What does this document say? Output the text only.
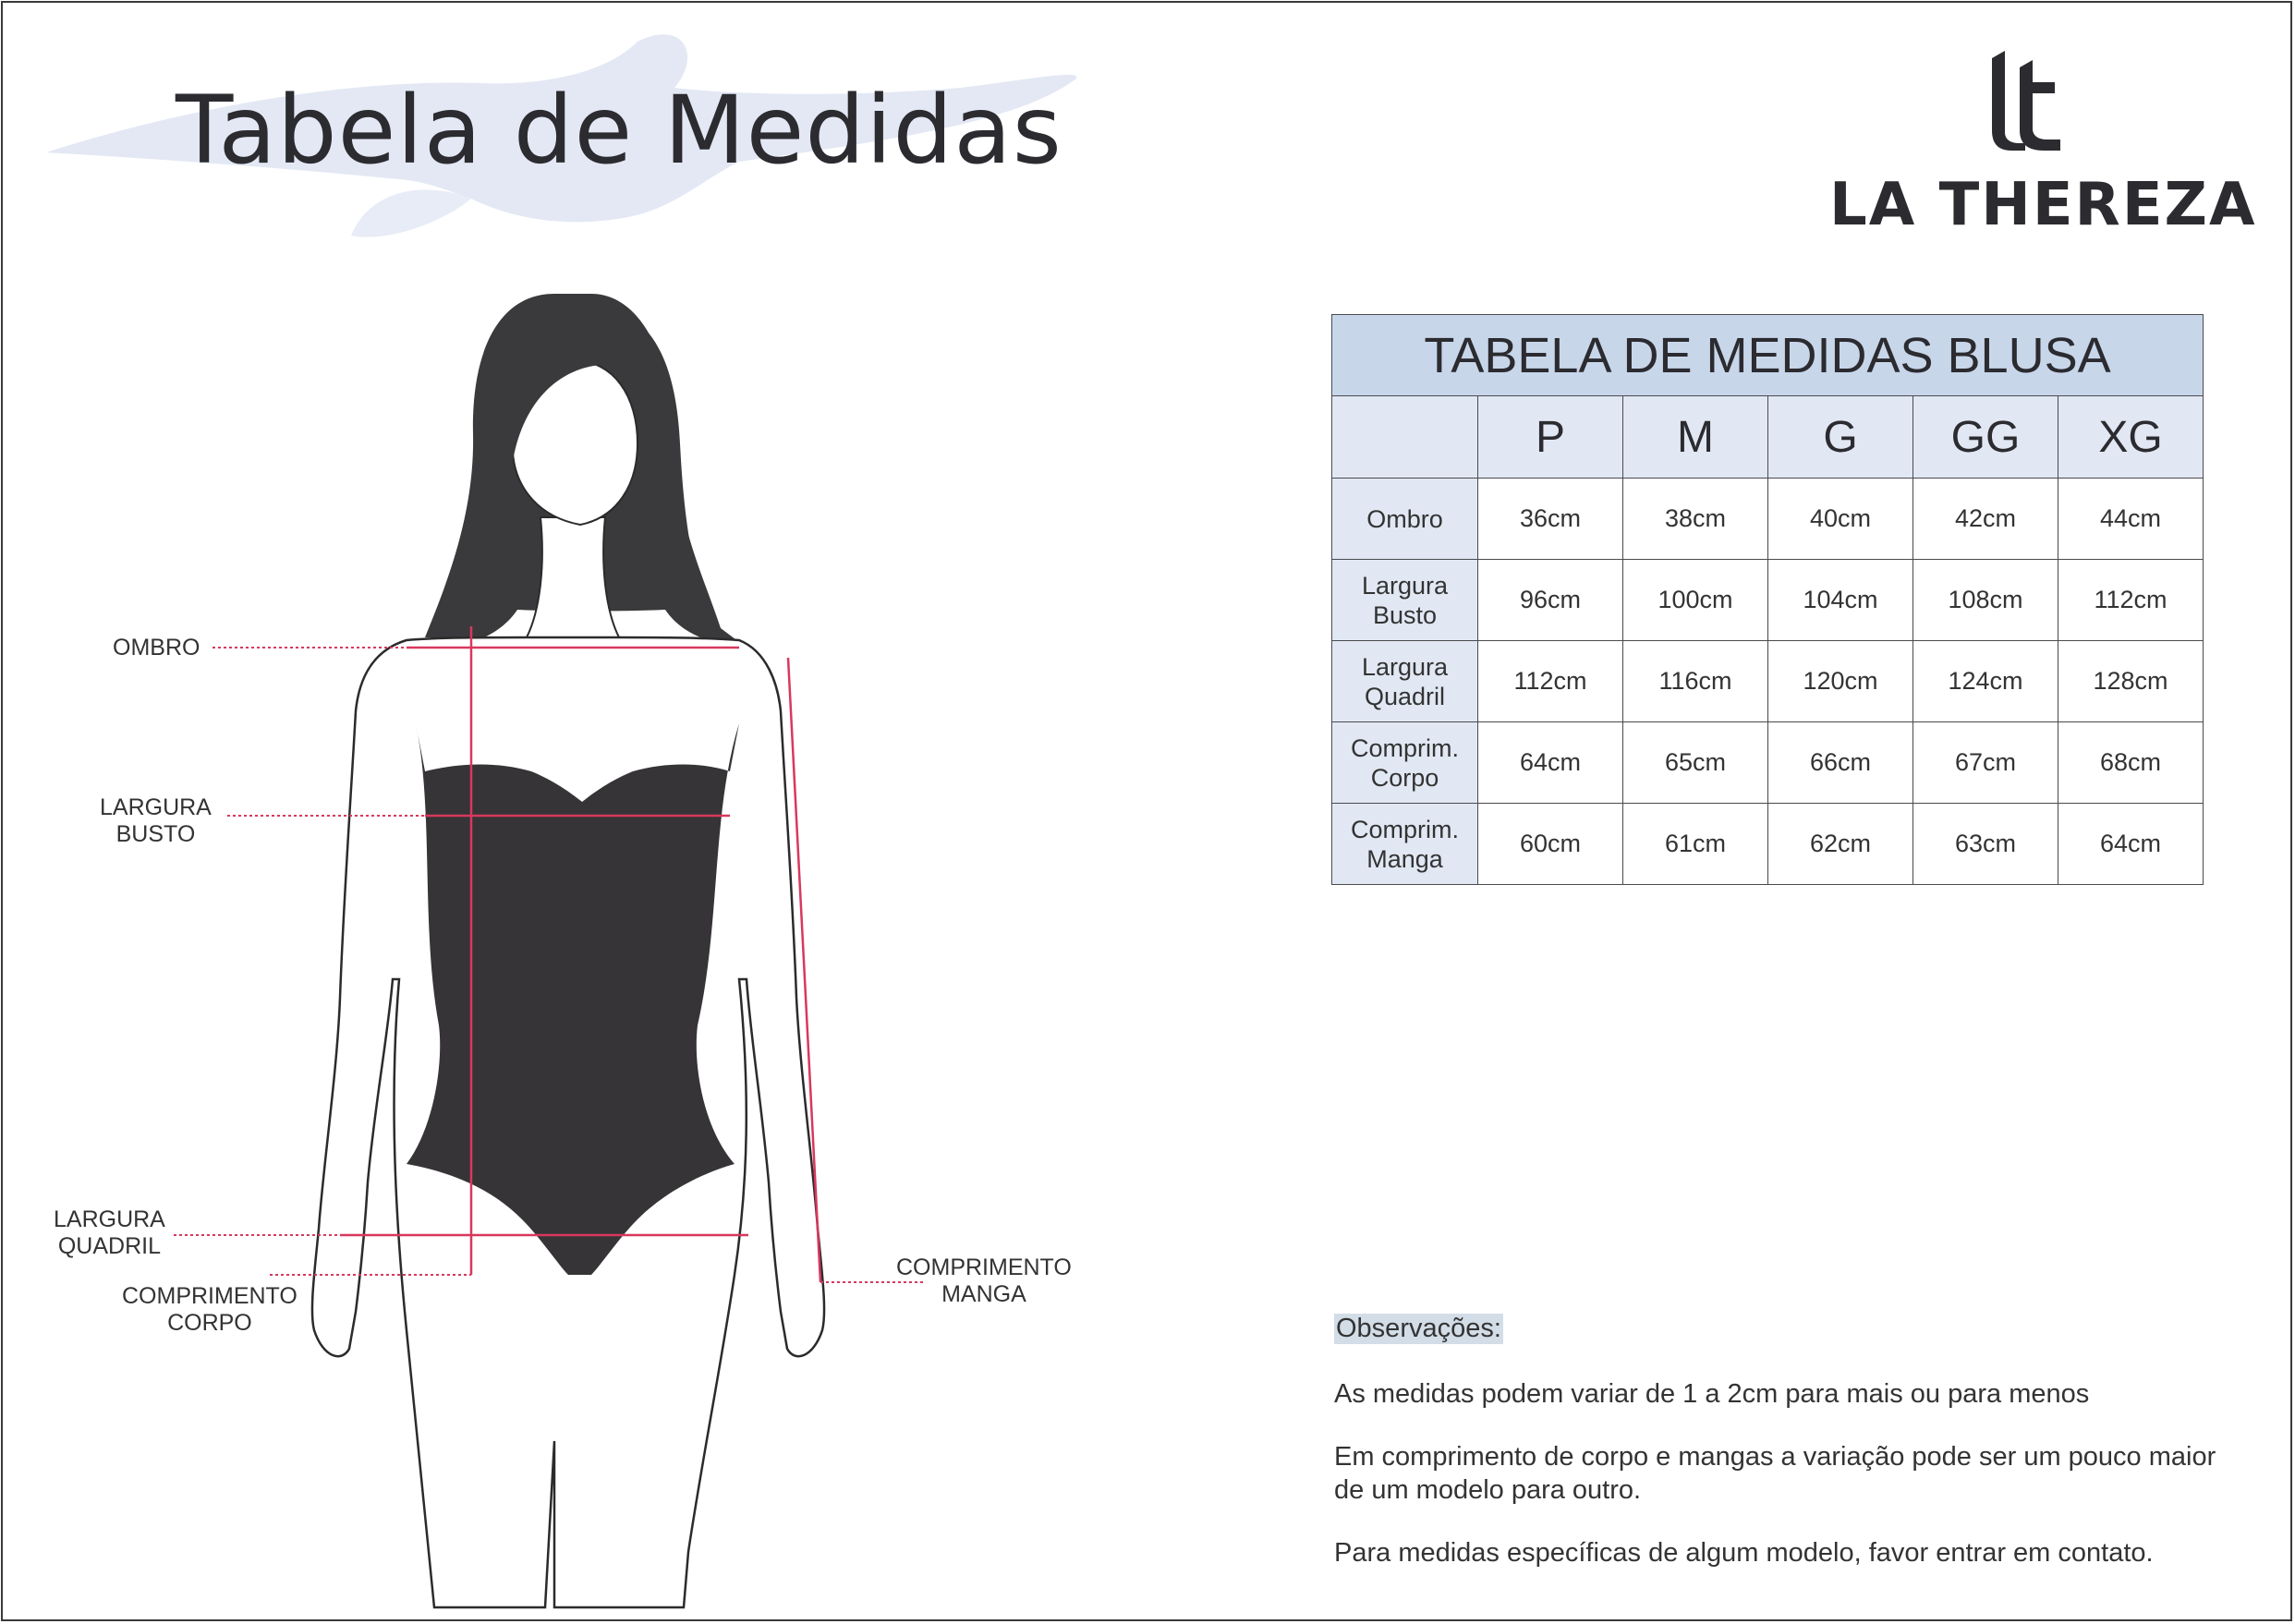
Tabela de Medidas
LA THEREZA
OMBRO
LARGURA
BUSTO
LARGURA
QUADRIL
COMPRIMENTO
CORPO
COMPRIMENTO
MANGA
TABELA DE MEDIDAS BLUSA					
	P	M	G	GG	XG
Ombro	36cm	38cm	40cm	42cm	44cm
Largura
Busto	96cm	100cm	104cm	108cm	112cm
Largura
Quadril	112cm	116cm	120cm	124cm	128cm
Comprim.
Corpo	64cm	65cm	66cm	67cm	68cm
Comprim.
Manga	60cm	61cm	62cm	63cm	64cm
Observações:

As medidas podem variar de 1 a 2cm para mais ou para menos

Em comprimento de corpo e mangas a variação pode ser um pouco maior de um modelo para outro.

Para medidas específicas de algum modelo, favor entrar em contato.
